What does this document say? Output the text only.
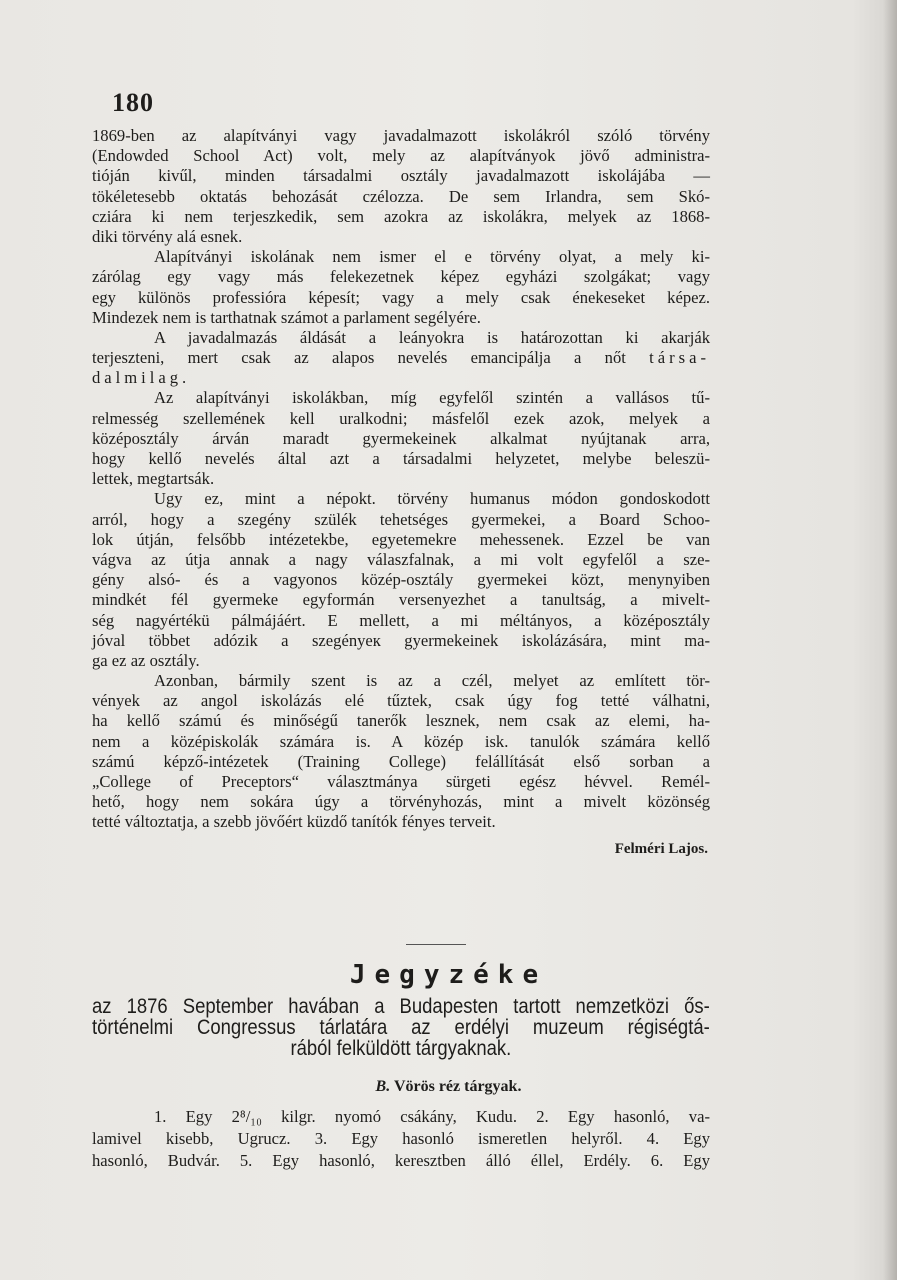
180
1869-ben az alapítványi vagy javadalmazott iskolákról szóló törvény
(Endowded School Act) volt, mely az alapítványok jövő administra-
tióján kivűl, minden társadalmi osztály javadalmazott iskolájába —
tökéletesebb oktatás behozását czélozza. De sem Irlandra, sem Skó-
cziára ki nem terjeszkedik, sem azokra az iskolákra, melyek az 1868-
diki törvény alá esnek.
Alapítványi iskolának nem ismer el e törvény olyat, a mely ki-
zárólag egy vagy más felekezetnek képez egyházi szolgákat; vagy
egy különös professióra képesít; vagy a mely csak énekeseket képez.
Mindezek nem is tarthatnak számot a parlament segélyére.
A javadalmazás áldását a leányokra is határozottan ki akarják
terjeszteni, mert csak az alapos nevelés emancipálja a nőt társa-
dalmilag.
Az alapítványi iskolákban, míg egyfelől szintén a vallásos tű-
relmesség szellemének kell uralkodni; másfelől ezek azok, melyek a
középosztály árván maradt gyermekeinek alkalmat nyújtanak arra,
hogy kellő nevelés által azt a társadalmi helyzetet, melybe beleszü-
lettek, megtartsák.
Ugy ez, mint a népokt. törvény humanus módon gondoskodott
arról, hogy a szegény szülék tehetséges gyermekei, a Board Schoo-
lok útján, felsőbb intézetekbe, egyetemekre mehessenek. Ezzel be van
vágva az útja annak a nagy válaszfalnak, a mi volt egyfelől a sze-
gény alsó- és a vagyonos közép-osztály gyermekei közt, menynyiben
mindkét fél gyermeke egyformán versenyezhet a tanultság, a mivelt-
ség nagyértékü pálmájáért. E mellett, a mi méltányos, a középosztály
jóval többet adózik a szegényeк gyermekeinek iskolázására, mint ma-
ga ez az osztály.
Azonban, bármily szent is az a czél, melyet az említett tör-
vények az angol iskolázás elé tűztek, csak úgy fog tetté válhatni,
ha kellő számú és minőségű tanerők lesznek, nem csak az elemi, ha-
nem a középiskolák számára is. A közép isk. tanulók számára kellő
számú képző-intézetek (Training College) felállítását első sorban a
„College of Preceptors“ választmánya sürgeti egész hévvel. Remél-
hető, hogy nem sokára úgy a törvényhozás, mint a mivelt közönség
tetté változtatja, a szebb jövőért küzdő tanítók fényes terveit.
Felméri Lajos.
Jegyzéke
az 1876 September havában a Budapesten tartott nemzetközi ős-
történelmi Congressus tárlatára az erdélyi muzeum régiségtá-
rából felküldött tárgyaknak.
B. Vörös réz tárgyak.
1. Egy 2⁸/₁₀ kilgr. nyomó csákány, Kudu. 2. Egy hasonló, va-
lamivel kisebb, Ugrucz. 3. Egy hasonló ismeretlen helyről. 4. Egy
hasonló, Budvár. 5. Egy hasonló, keresztben álló éllel, Erdély. 6. Egy
